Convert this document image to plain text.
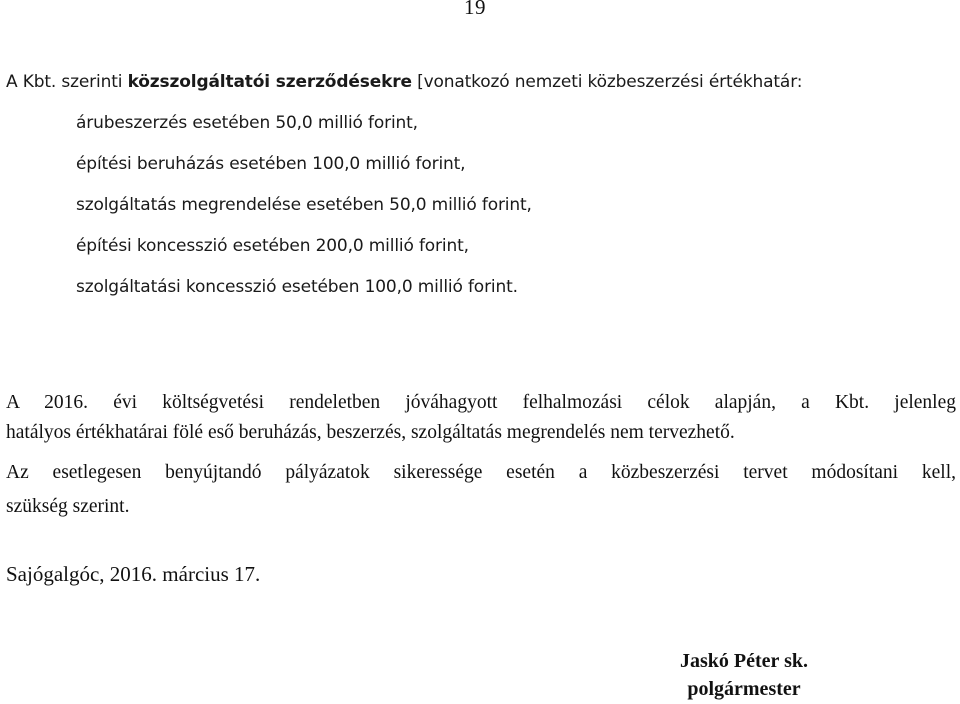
19
A Kbt. szerinti közszolgáltatói szerződésekre [vonatkozó nemzeti közbeszerzési értékhatár:
árubeszerzés esetében 50,0 millió forint,
építési beruházás esetében 100,0 millió forint,
szolgáltatás megrendelése esetében 50,0 millió forint,
építési koncesszió esetében 200,0 millió forint,
szolgáltatási koncesszió esetében 100,0 millió forint.
A 2016. évi költségvetési rendeletben jóváhagyott felhalmozási célok alapján, a Kbt. jelenleg
hatályos értékhatárai fölé eső beruházás, beszerzés, szolgáltatás megrendelés nem tervezhető.
Az esetlegesen benyújtandó pályázatok sikeressége esetén a közbeszerzési tervet módosítani kell,
szükség szerint.
Sajógalgóc, 2016. március 17.
Jaskó Péter sk.
polgármester
